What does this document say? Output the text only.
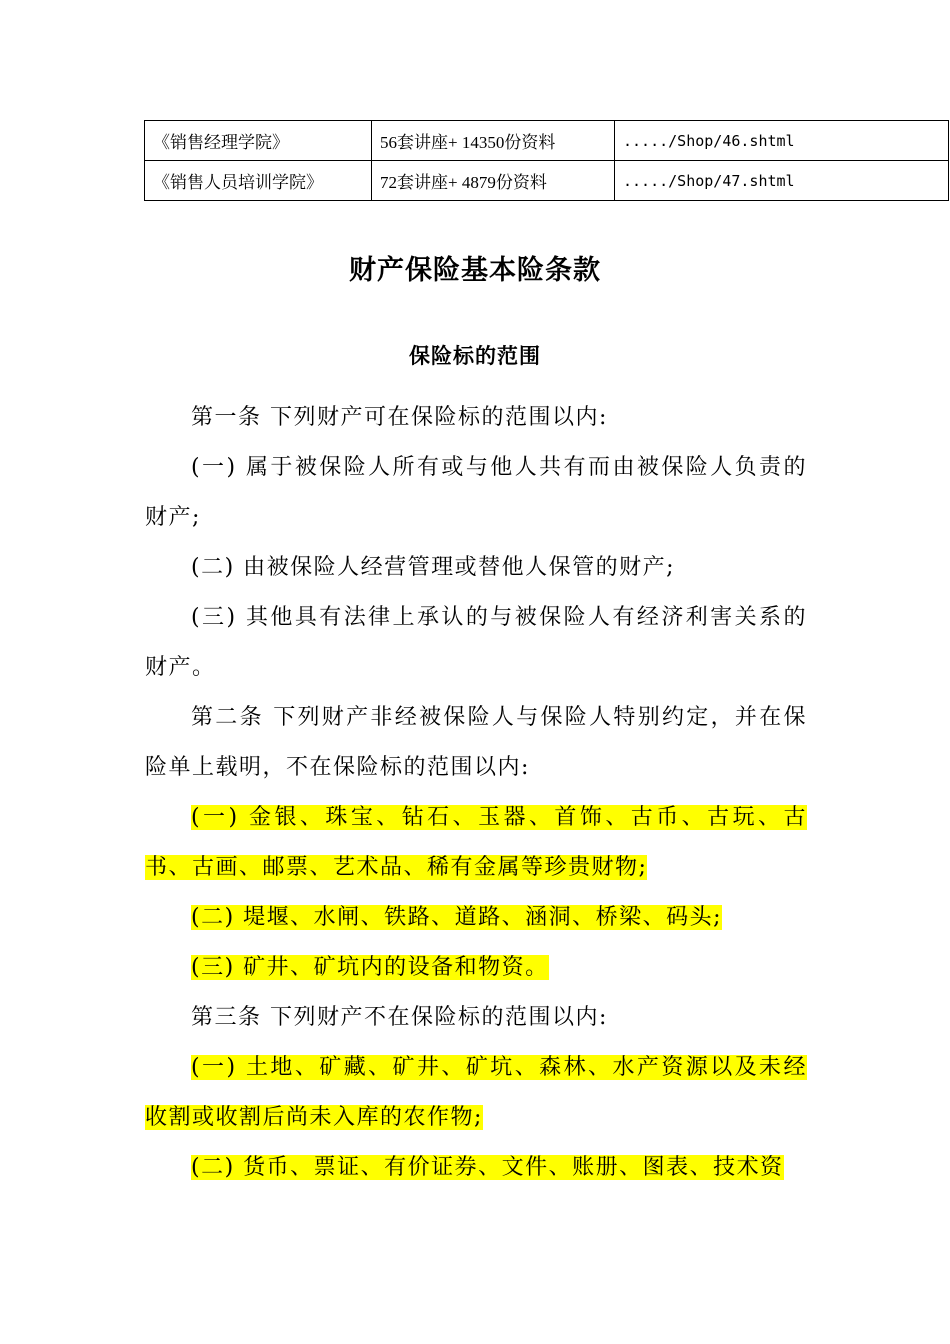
《销售经理学院》	56套讲座+ 14350份资料	...../Shop/46.shtml
《销售人员培训学院》	72套讲座+ 4879份资料	...../Shop/47.shtml
财产保险基本险条款
保险标的范围

第一条 下列财产可在保险标的范围以内:

(一) 属于被保险人所有或与他人共有而由被保险人负责的财产;

(二) 由被保险人经营管理或替他人保管的财产;

(三) 其他具有法律上承认的与被保险人有经济利害关系的财产。

第二条 下列财产非经被保险人与保险人特别约定，并在保险单上载明，不在保险标的范围以内:

(一) 金银、珠宝、钻石、玉器、首饰、古币、古玩、古书、古画、邮票、艺术品、稀有金属等珍贵财物;

(二) 堤堰、水闸、铁路、道路、涵洞、桥梁、码头;

(三) 矿井、矿坑内的设备和物资。

第三条 下列财产不在保险标的范围以内:

(一) 土地、矿藏、矿井、矿坑、森林、水产资源以及未经收割或收割后尚未入库的农作物;

(二) 货币、票证、有价证券、文件、账册、图表、技术资
